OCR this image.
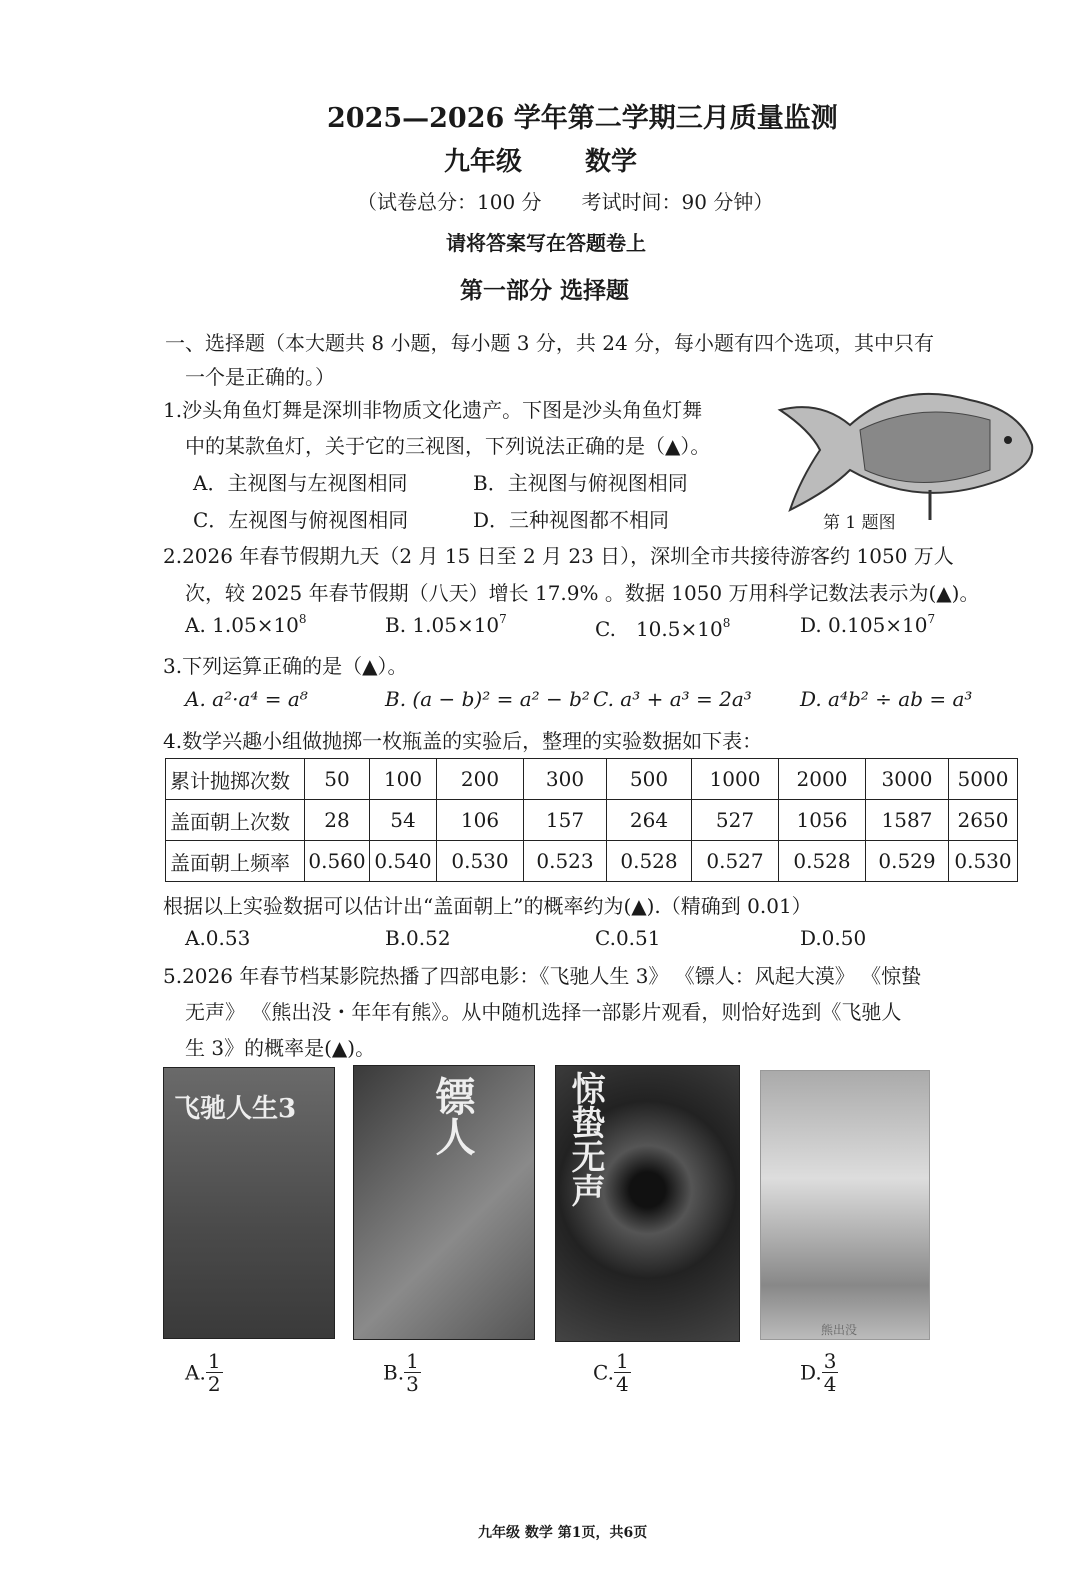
2025—2026 学年第二学期三月质量监测
九年级 数学
（试卷总分：100 分　　考试时间：90 分钟）
请将答案写在答题卷上
第一部分 选择题
一、选择题（本大题共 8 小题，每小题 3 分，共 24 分，每小题有四个选项，其中只有
一个是正确的。）
1.沙头角鱼灯舞是深圳非物质文化遗产。下图是沙头角鱼灯舞
中的某款鱼灯，关于它的三视图，下列说法正确的是（▲）。
A．主视图与左视图相同	B．主视图与俯视图相同
C．左视图与俯视图相同	D．三种视图都不相同	第 1 题图
2.2026 年春节假期九天（2 月 15 日至 2 月 23 日），深圳全市共接待游客约 1050 万人
次，较 2025 年春节假期（八天）增长 17.9% 。数据 1050 万用科学记数法表示为(▲)。
A. $1.05\times 10^8$	B. $1.05\times 10^7$	C.　$10.5\times 10^8$	D. $0.105\times 10^7$
3.下列运算正确的是（▲）。
A. a²·a⁴ = a⁸	B. (a − b)² = a² − b² C. a³ + a³ = 2a³ D. a⁴b² ÷ ab = a³
4.数学兴趣小组做抛掷一枚瓶盖的实验后，整理的实验数据如下表：
累计抛掷次数	50	100	200	300	500	1000	2000	3000	5000
盖面朝上次数	28	54	106	157	264	527	1056	1587	2650
盖面朝上频率	0.560	0.540	0.530	0.523	0.528	0.527	0.528	0.529	0.530
根据以上实验数据可以估计出“盖面朝上”的概率约为(▲).（精确到 0.01）
A.0.53	B.0.52	C.0.51	D.0.50
5.2026 年春节档某影院热播了四部电影：《飞驰人生 3》 《镖人：风起大漠》 《惊蛰
无声》 《熊出没・年年有熊》。从中随机选择一部影片观看，则恰好选到《飞驰人
生 3》的概率是(▲)。
飞驰人生3	镖人	惊蛰无声
熊出没
A. $\frac{1}{2}$	B. $\frac{1}{3}$	C. $\frac{1}{4}$	D. $\frac{3}{4}$
九年级 数学 第1页，共6页
